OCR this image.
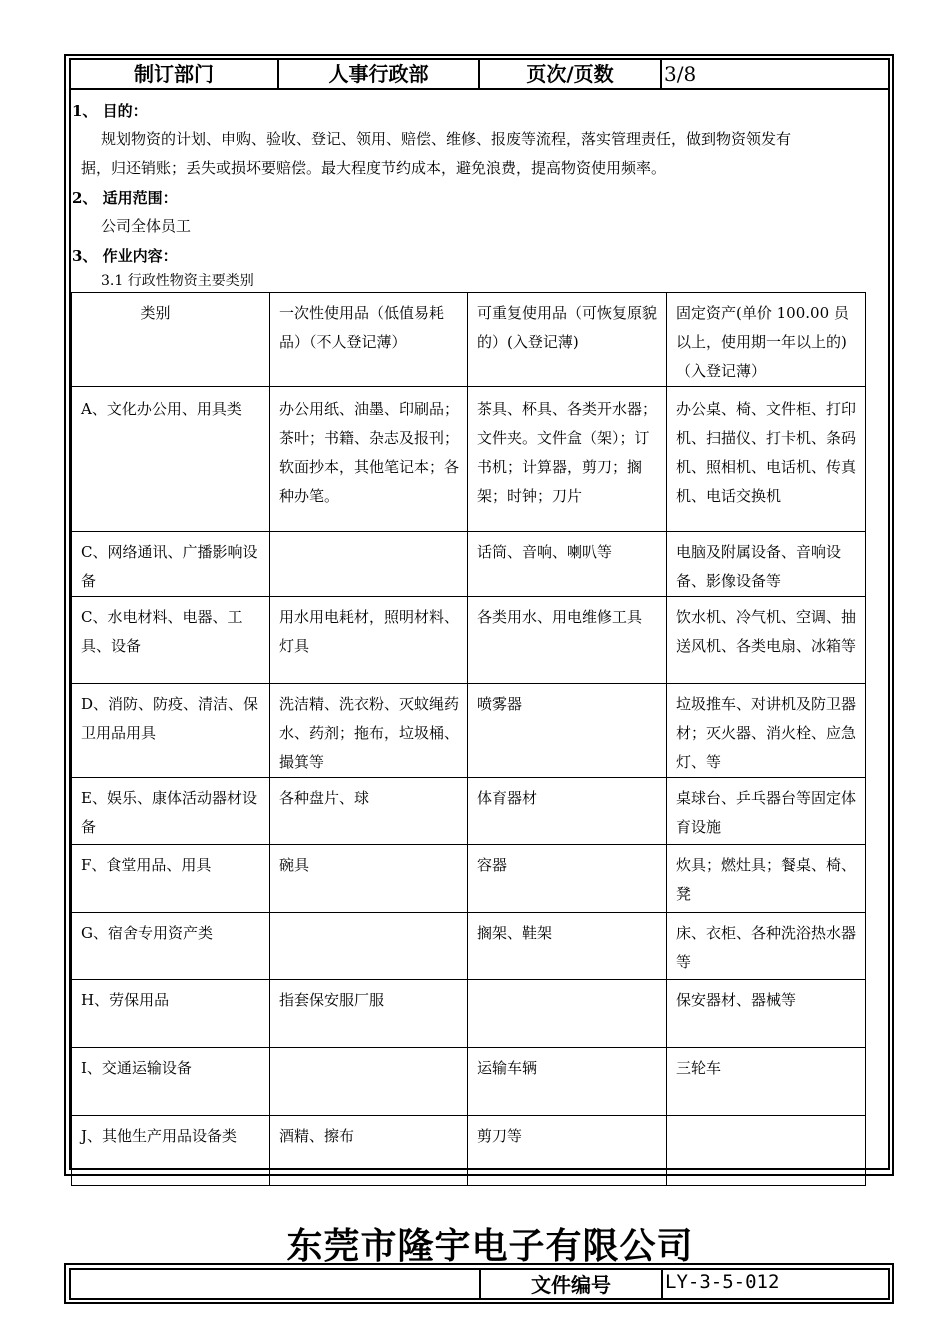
制订部门	人事行政部	页次/页数	3/8
1、 目的：
规划物资的计划、申购、验收、登记、领用、赔偿、维修、报废等流程，落实管理责任，做到物资领发有
据，归还销账；丢失或损坏要赔偿。最大程度节约成本，避免浪费，提高物资使用频率。
2、 适用范围：
公司全体员工
3、 作业内容：
3.1 行政性物资主要类别
类别	一次性使用品（低值易耗品）（不人登记薄）	可重复使用品（可恢复原貌的）(入登记薄)	固定资产(单价 100.00 员以上，使用期一年以上的)（入登记薄）
A、文化办公用、用具类	办公用纸、油墨、印刷品；茶叶；书籍、杂志及报刊；软面抄本，其他笔记本；各种办笔。	茶具、杯具、各类开水器；文件夹。文件盒（架）；订书机；计算器，剪刀；搁架；时钟；刀片	办公桌、椅、文件柜、打印机、扫描仪、打卡机、条码机、照相机、电话机、传真机、电话交换机
C、网络通讯、广播影响设备		话筒、音响、喇叭等	电脑及附属设备、音响设备、影像设备等
C、水电材料、电器、工具、设备	用水用电耗材，照明材料、灯具	各类用水、用电维修工具	饮水机、冷气机、空调、抽送风机、各类电扇、冰箱等
D、消防、防疫、清洁、保卫用品用具	洗洁精、洗衣粉、灭蚊绳药水、药剂；拖布，垃圾桶、撮箕等	喷雾器	垃圾推车、对讲机及防卫器材；灭火器、消火栓、应急灯、等
E、娱乐、康体活动器材设备	各种盘片、球	体育器材	桌球台、乒乓器台等固定体育设施
F、食堂用品、用具	碗具	容器	炊具；燃灶具；餐桌、椅、凳
G、宿舍专用资产类		搁架、鞋架	床、衣柜、各种洗浴热水器等
H、劳保用品	指套保安服厂服		保安器材、器械等
I、交通运输设备		运输车辆	三轮车
J、其他生产用品设备类	酒精、擦布	剪刀等	
东莞市隆宇电子有限公司
文件编号	LY-3-5-012
